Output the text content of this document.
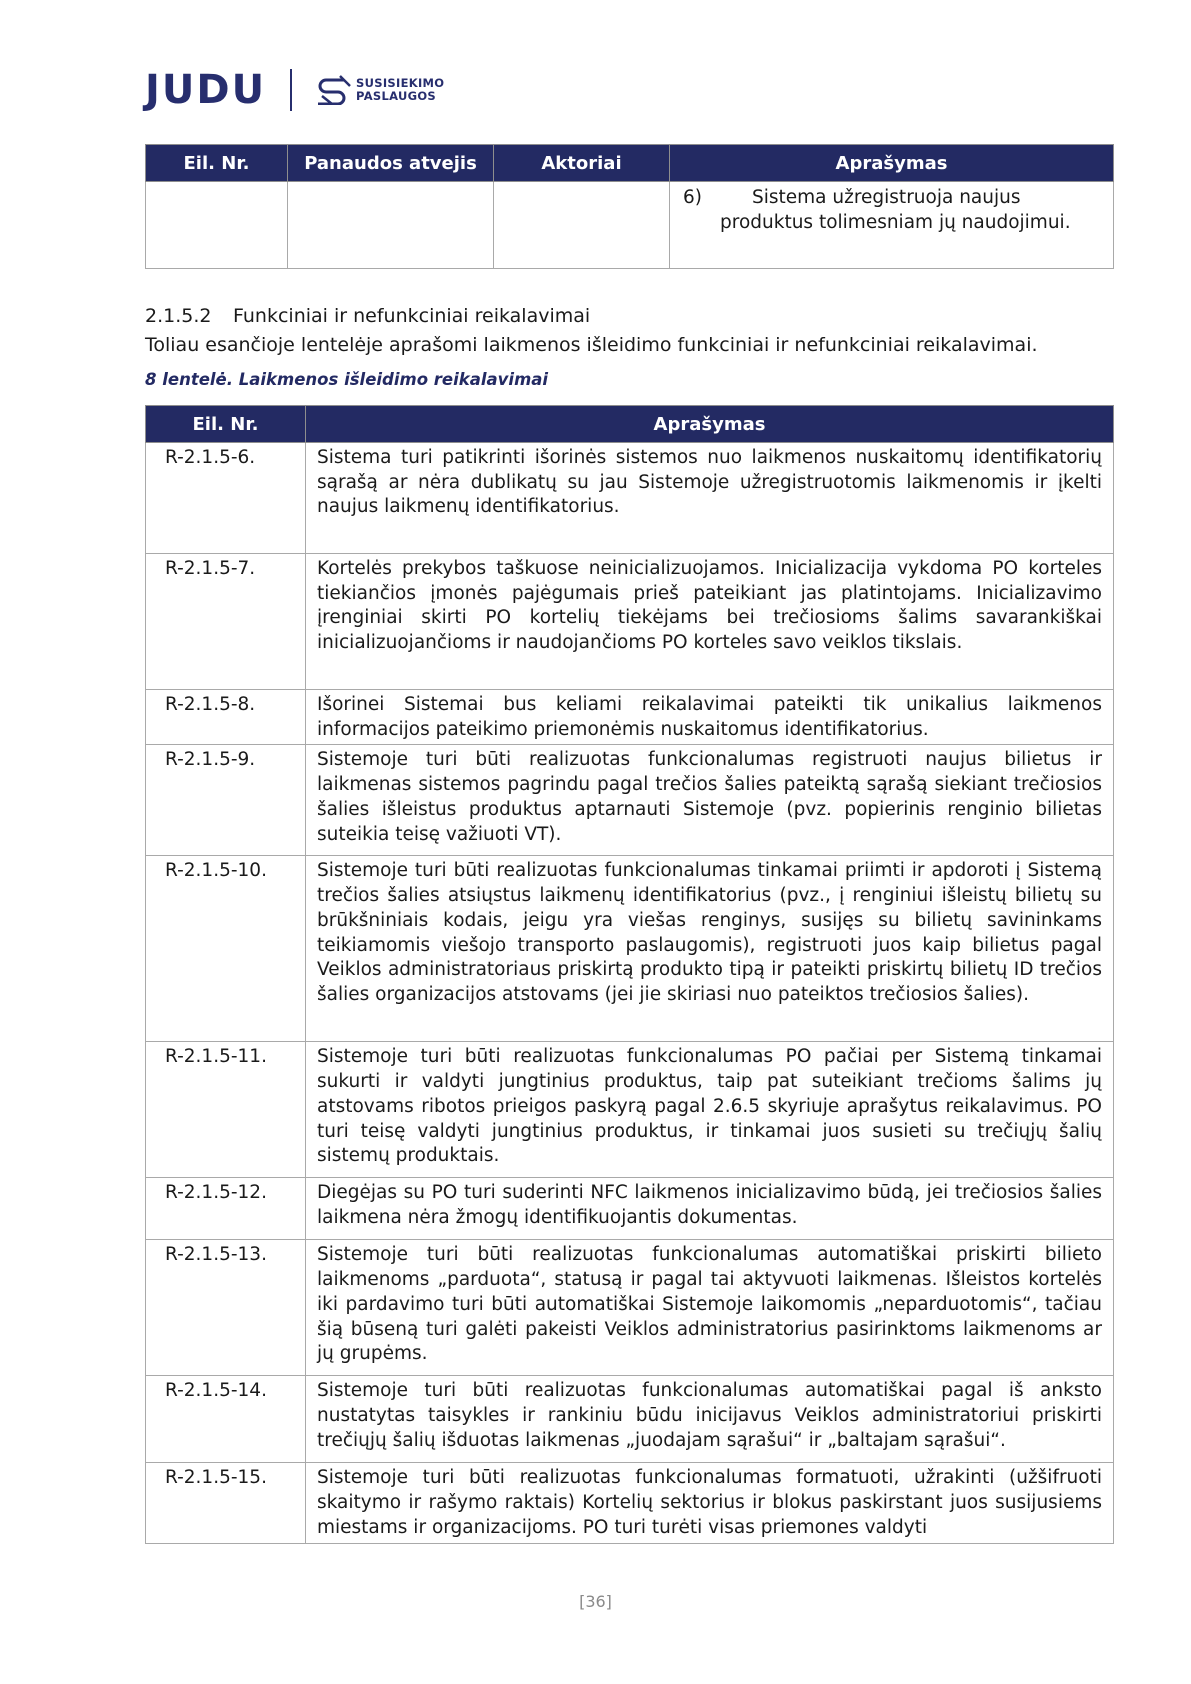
JUDU	SUSISIEKIMO
PASLAUGOS
Eil. Nr.	Panaudos atvejis	Aktoriai	Aprašymas

			6) Sistema užregistruoja naujus
produktus tolimesniam jų naudojimui.
2.1.5.2 Funkciniai ir nefunkciniai reikalavimai
Toliau esančioje lentelėje aprašomi laikmenos išleidimo funkciniai ir nefunkciniai reikalavimai.
8 lentelė. Laikmenos išleidimo reikalavimai
Eil. Nr.	Aprašymas
R-2.1.5-6.	Sistema turi patikrinti išorinės sistemos nuo laikmenos nuskaitomų identifikatorių sąrašą ar nėra dublikatų su jau Sistemoje užregistruotomis laikmenomis ir įkelti naujus laikmenų identifikatorius.
R-2.1.5-7.	Kortelės prekybos taškuose neinicializuojamos. Inicializacija vykdoma PO korteles tiekiančios įmonės pajėgumais prieš pateikiant jas platintojams. Inicializavimo įrenginiai skirti PO kortelių tiekėjams bei trečiosioms šalims savarankiškai inicializuojančioms ir naudojančioms PO korteles savo veiklos tikslais.
R-2.1.5-8.	Išorinei Sistemai bus keliami reikalavimai pateikti tik unikalius laikmenos informacijos pateikimo priemonėmis nuskaitomus identifikatorius.
R-2.1.5-9.	Sistemoje turi būti realizuotas funkcionalumas registruoti naujus bilietus ir laikmenas sistemos pagrindu pagal trečios šalies pateiktą sąrašą siekiant trečiosios šalies išleistus produktus aptarnauti Sistemoje (pvz. popierinis renginio bilietas suteikia teisę važiuoti VT).
R-2.1.5-10.	Sistemoje turi būti realizuotas funkcionalumas tinkamai priimti ir apdoroti į Sistemą trečios šalies atsiųstus laikmenų identifikatorius (pvz., į renginiui išleistų bilietų su brūkšniniais kodais, jeigu yra viešas renginys, susijęs su bilietų savininkams teikiamomis viešojo transporto paslaugomis), registruoti juos kaip bilietus pagal Veiklos administratoriaus priskirtą produkto tipą ir pateikti priskirtų bilietų ID trečios šalies organizacijos atstovams (jei jie skiriasi nuo pateiktos trečiosios šalies).
R-2.1.5-11.	Sistemoje turi būti realizuotas funkcionalumas PO pačiai per Sistemą tinkamai sukurti ir valdyti jungtinius produktus, taip pat suteikiant trečioms šalims jų atstovams ribotos prieigos paskyrą pagal 2.6.5 skyriuje aprašytus reikalavimus. PO turi teisę valdyti jungtinius produktus, ir tinkamai juos susieti su trečiųjų šalių sistemų produktais.
R-2.1.5-12.	Diegėjas su PO turi suderinti NFC laikmenos inicializavimo būdą, jei trečiosios šalies laikmena nėra žmogų identifikuojantis dokumentas.
R-2.1.5-13.	Sistemoje turi būti realizuotas funkcionalumas automatiškai priskirti bilieto laikmenoms „parduota“, statusą ir pagal tai aktyvuoti laikmenas. Išleistos kortelės iki pardavimo turi būti automatiškai Sistemoje laikomomis „neparduotomis“, tačiau šią būseną turi galėti pakeisti Veiklos administratorius pasirinktoms laikmenoms ar jų grupėms.
R-2.1.5-14.	Sistemoje turi būti realizuotas funkcionalumas automatiškai pagal iš anksto nustatytas taisykles ir rankiniu būdu inicijavus Veiklos administratoriui priskirti trečiųjų šalių išduotas laikmenas „juodajam sąrašui“ ir „baltajam sąrašui“.
R-2.1.5-15.	Sistemoje turi būti realizuotas funkcionalumas formatuoti, užrakinti (užšifruoti skaitymo ir rašymo raktais) Kortelių sektorius ir blokus paskirstant juos susijusiems miestams ir organizacijoms. PO turi turėti visas priemones valdyti
[36]
